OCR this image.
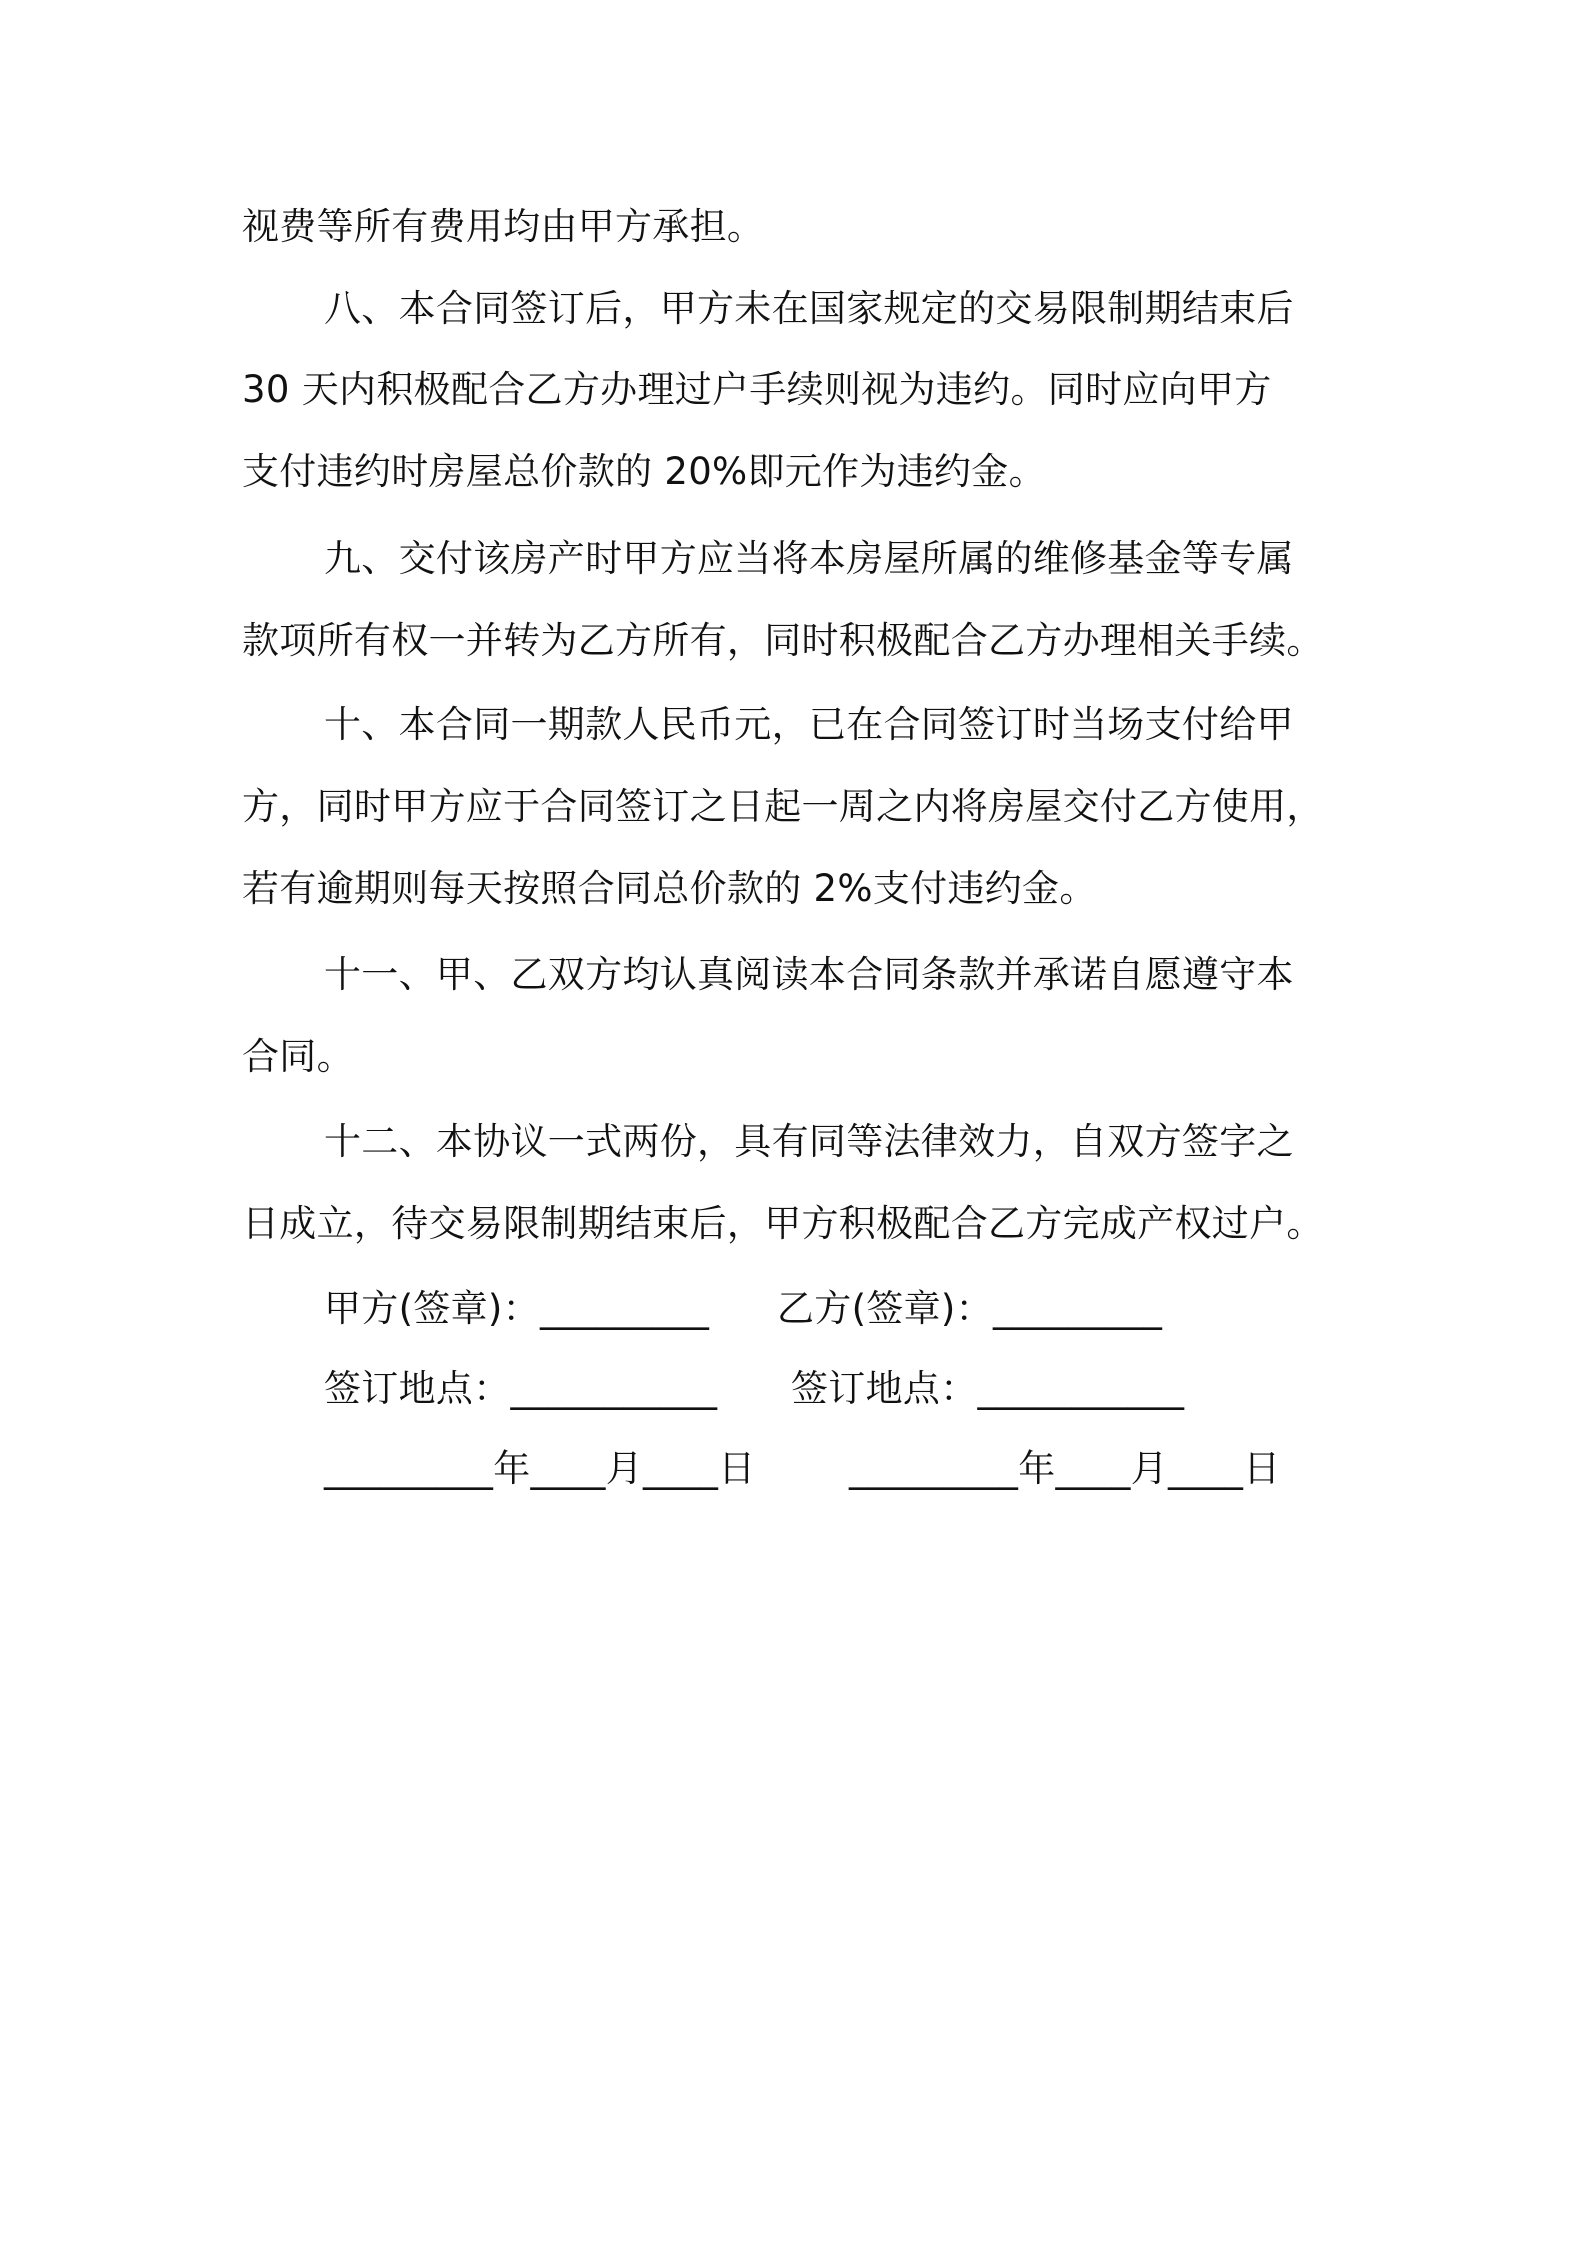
视费等所有费用均由甲方承担。
八、本合同签订后，甲方未在国家规定的交易限制期结束后
30 天内积极配合乙方办理过户手续则视为违约。同时应向甲方
支付违约时房屋总价款的 20%即元作为违约金。
九、交付该房产时甲方应当将本房屋所属的维修基金等专属
款项所有权一并转为乙方所有，同时积极配合乙方办理相关手续。
十、本合同一期款人民币元，已在合同签订时当场支付给甲
方，同时甲方应于合同签订之日起一周之内将房屋交付乙方使用，
若有逾期则每天按照合同总价款的 2%支付违约金。
十一、甲、乙双方均认真阅读本合同条款并承诺自愿遵守本
合同。
十二、本协议一式两份，具有同等法律效力，自双方签字之
日成立，待交易限制期结束后，甲方积极配合乙方完成产权过户。
甲方(签章)：_________ 乙方(签章)：_________
签订地点：___________ 签订地点：___________
_________年____月____日	_________年____月____日
